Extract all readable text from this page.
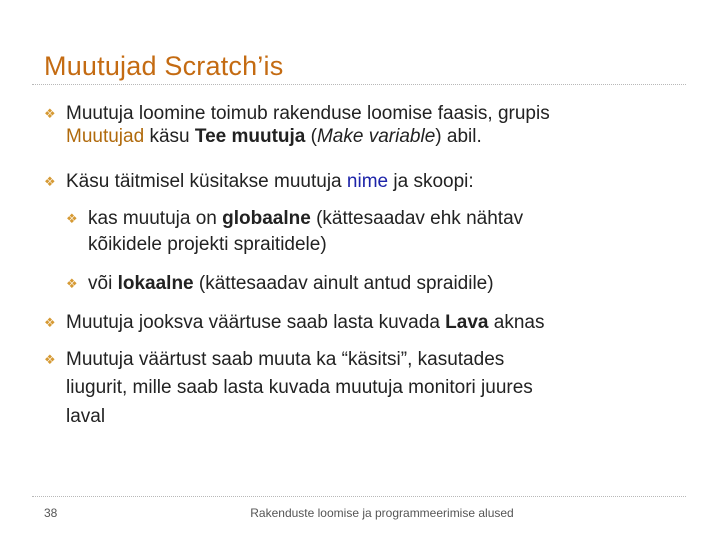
Muutujad Scratch’is
❖ Muutuja loomine toimub rakenduse loomise faasis, grupis
Muutujad käsu Tee muutuja (Make variable) abil.
❖ Käsu täitmisel küsitakse muutuja nime ja skoopi:
❖ kas muutuja on globaalne (kättesaadav ehk nähtav
kõikidele projekti spraitidele)
❖ või lokaalne (kättesaadav ainult antud spraidile)
❖ Muutuja jooksva väärtuse saab lasta kuvada Lava aknas
❖ Muutuja väärtust saab muuta ka “käsitsi”, kasutades
liugurit, mille saab lasta kuvada muutuja monitori juures
laval
38	Rakenduste loomise ja programmeerimise alused
